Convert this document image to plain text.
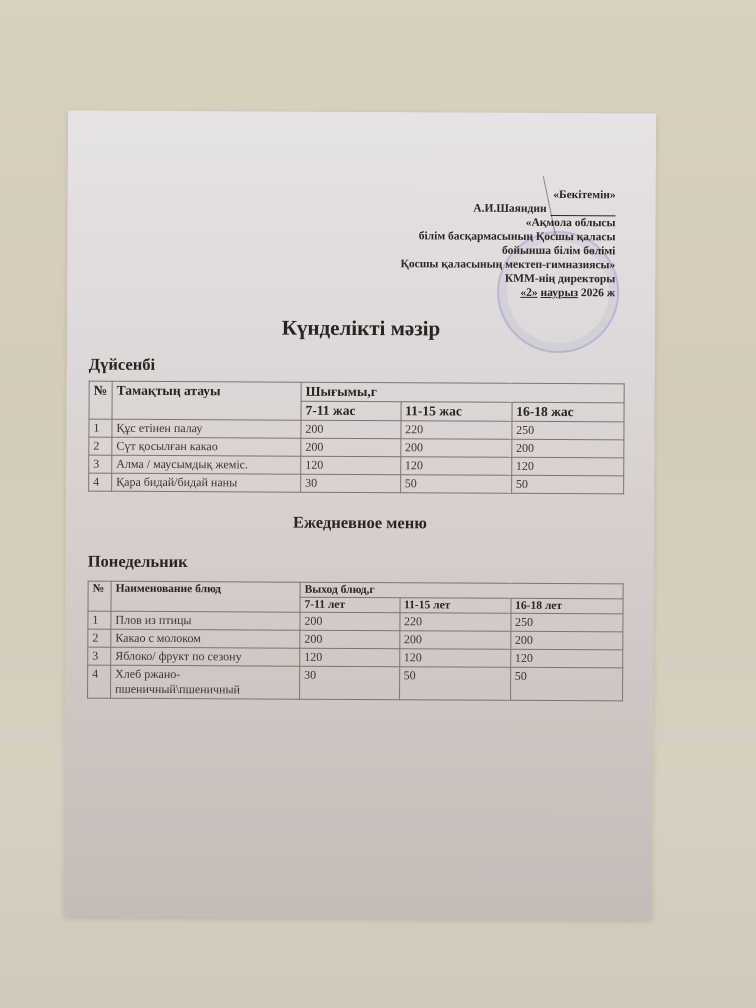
«Бекітемін»
А.И.Шаяндин
«Ақмола облысы
білім басқармасының Қосшы қаласы
бойынша білім бөлімі
Қосшы қаласының мектеп-гимназиясы»
КММ-нің директоры
«2» наурыз 2026 ж
Күнделікті мәзір

Дүйсенбі

№	Тамақтың атауы	Шығымы,г		
		7-11 жас	11-15 жас	16-18 жас
1	Құс етінен палау	200	220	250
2	Сүт қосылған какао	200	200	200
3	Алма / маусымдық жеміс.	120	120	120
4	Қара бидай/бидай наны	30	50	50
Ежедневное меню

Понедельник

№	Наименование блюд	Выход блюд,г		
		7-11 лет	11-15 лет	16-18 лет
1	Плов из птицы	200	220	250
2	Какао с молоком	200	200	200
3	Яблоко/ фрукт по сезону	120	120	120
4	Хлеб ржано-пшеничный\пшеничный	30	50	50
